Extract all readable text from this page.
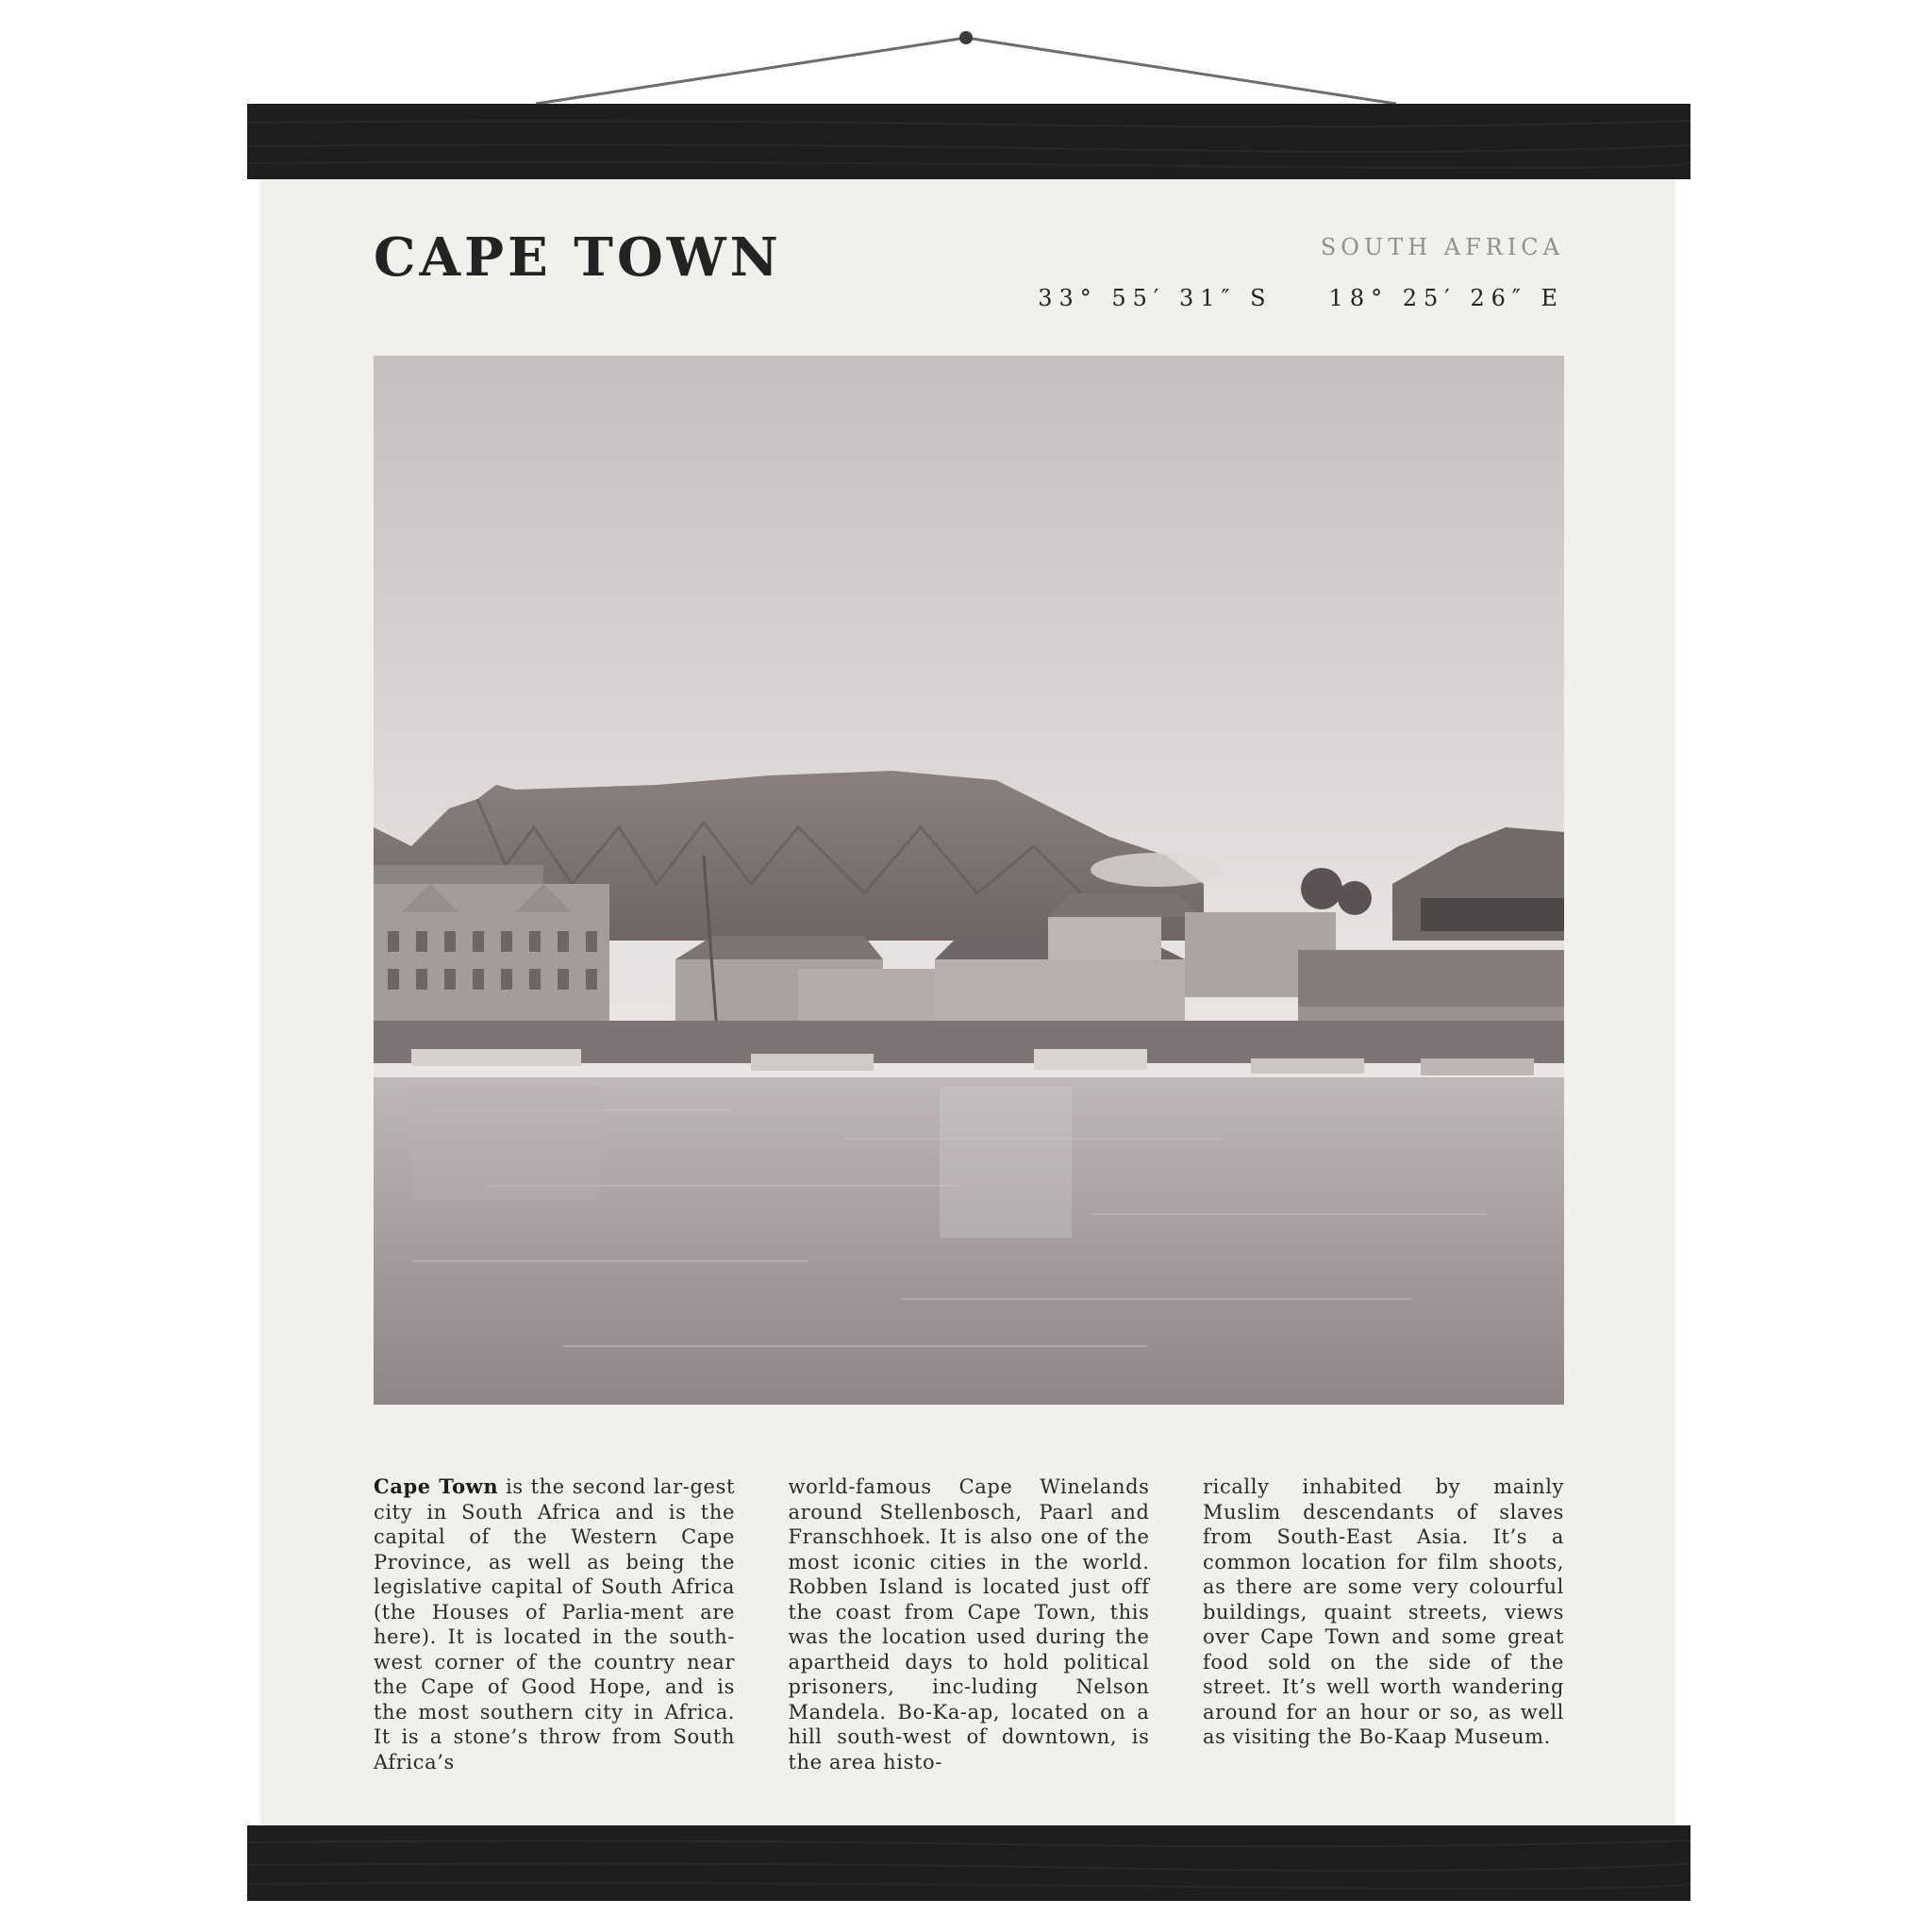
CAPE TOWN	SOUTH AFRICA
33° 55′ 31″ S	18° 25′ 26″ E
Cape Town is the second lar-gest city in South Africa and is the capital of the Western Cape Province, as well as being the legislative capital of South Africa (the Houses of Parlia-ment are here). It is located in the south-west corner of the country near the Cape of Good Hope, and is the most southern city in Africa. It is a stone’s throw from South Africa’s
world-famous Cape Winelands around Stellenbosch, Paarl and Franschhoek. It is also one of the most iconic cities in the world. Robben Island is located just off the coast from Cape Town, this was the location used during the apartheid days to hold political prisoners, inc-luding Nelson Mandela. Bo-Ka-ap, located on a hill south-west of downtown, is the area histo-
rically inhabited by mainly Muslim descendants of slaves from South-East Asia. It’s a common location for film shoots, as there are some very colourful buildings, quaint streets, views over Cape Town and some great food sold on the side of the street. It’s well worth wandering around for an hour or so, as well as visiting the Bo-Kaap Museum.
